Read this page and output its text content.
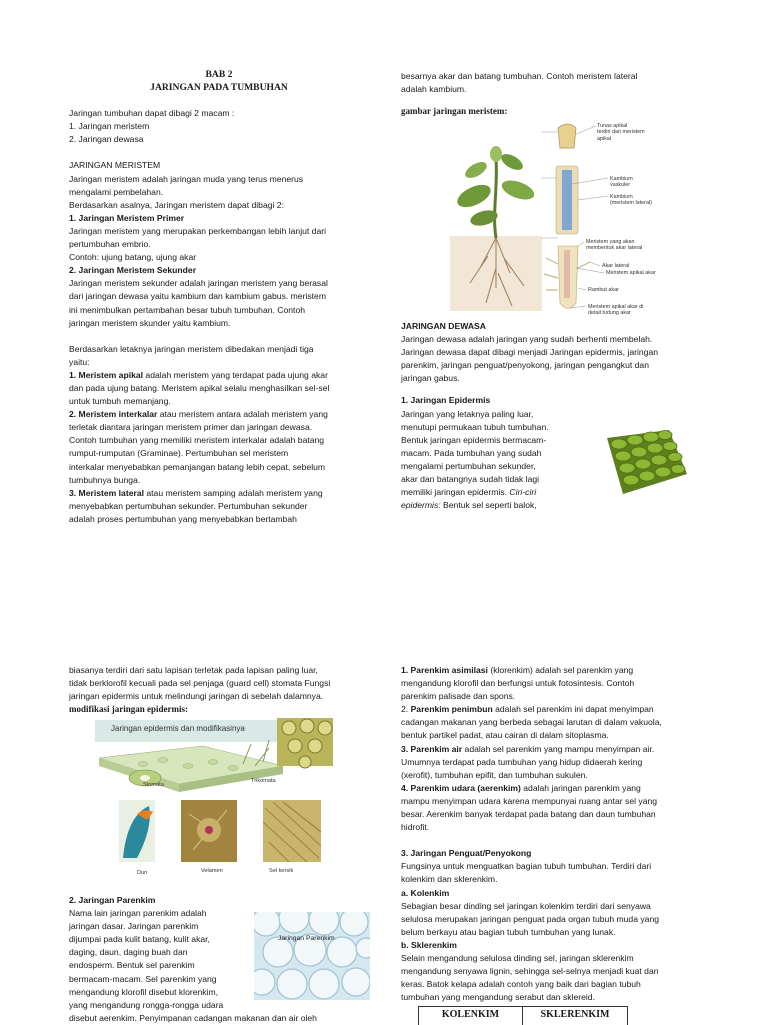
BAB 2

JARINGAN PADA TUMBUHAN

Jaringan tumbuhan dapat dibagi 2 macam :

1. Jaringan meristem

2. Jaringan dewasa

JARINGAN MERISTEM

Jaringan meristem adalah jaringan muda yang terus menerus

mengalami pembelahan.

Berdasarkan asalnya, Jaringan meristem dapat dibagi 2:

1. Jaringan Meristem Primer

Jaringan meristem yang merupakan perkembangan lebih lanjut dari

pertumbuhan embrio.

Contoh: ujung batang, ujung akar

2. Jaringan Meristem Sekunder

Jaringan meristem sekunder adalah jaringan meristem yang berasal

dari jaringan dewasa yaitu kambium dan kambium gabus. meristem

ini menimbulkan pertambahan besar tubuh tumbuhan. Contoh

jaringan meristem skunder yaitu kambium.

Berdasarkan letaknya jaringan meristem dibedakan menjadi tiga

yaitu:

1. Meristem apikal adalah meristem yang terdapat pada ujung akar

dan pada ujung batang. Meristem apikal selalu menghasilkan sel-sel

untuk tumbuh memanjang.

2. Meristem interkalar atau meristem antara adalah meristem yang

terletak diantara jaringan meristem primer dan jaringan dewasa.

Contoh tumbuhan yang memiliki meristem interkalar adalah batang

rumput-rumputan (Graminae). Pertumbuhan sel meristem

interkalar menyebabkan pemanjangan batang lebih cepat, sebelum

tumbuhnya bunga.

3. Meristem lateral atau meristem samping adalah meristem yang

menyebabkan pertumbuhan sekunder. Pertumbuhan sekunder

adalah proses pertumbuhan yang menyebabkan bertambah

besarnya akar dan batang tumbuhan. Contoh meristem lateral

adalah kambium.

gambar jaringan meristem:

Tunas apikal
terdiri dari meristem
apikal
Kambium
vaskuler
Kambium
(meristem lateral)
Meristem yang akan
membentuk akar lateral
Akar lateral
Meristem apikal akar
Rambut akar
Meristem apikal akar di
detail tudung akar

JARINGAN DEWASA

Jaringan dewasa adalah jaringan yang sudah berhenti membelah.

Jaringan dewasa dapat dibagi menjadi Jaringan epidermis, jaringan

parenkim, jaringan penguat/penyokong, jaringan pengangkut dan

jaringan gabus.

1. Jaringan Epidermis

Jaringan yang letaknya paling luar,

menutupi permukaan tubuh tumbuhan.

Bentuk jaringan epidermis bermacam-

macam. Pada tumbuhan yang sudah

mengalami pertumbuhan sekunder,

akar dan batangnya sudah tidak lagi

memiliki jaringan epidermis. Ciri-ciri

epidermis: Bentuk sel seperti balok,

biasanya terdiri dari satu lapisan terletak pada lapisan paling luar,

tidak berklorofil kecuali pada sel penjaga (guard cell) stomata Fungsi

jaringan epidermis untuk melindungi jaringan di sebelah dalamnya.

modifikasi jaringan epidermis:

Jaringan epidermis dan modifikasinya
Stomata
Trikomata
Duri	Velamen	Sel kersik

2. Jaringan Parenkim

Nama lain jaringan parenkim adalah

jaringan dasar. Jaringan parenkim

dijumpai pada kulit batang, kulit akar,

daging, daun, daging buah dan

endosperm. Bentuk sel parenkim

bermacam-macam. Sel parenkim yang

mengandung klorofil disebut klorenkim,

yang mengandung rongga-rongga udara

disebut aerenkim. Penyimpanan cadangan makanan dan air oleh

Jaringan Parenkim

1. Parenkim asimilasi (klorenkim) adalah sel parenkim yang

mengandung klorofil dan berfungsi untuk fotosintesis. Contoh

parenkim palisade dan spons.

2. Parenkim penimbun adalah sel parenkim ini dapat menyimpan

cadangan makanan yang berbeda sebagai larutan di dalam vakuola,

bentuk partikel padat, atau cairan di dalam sitoplasma.

3. Parenkim air adalah sel parenkim yang mampu menyimpan air.

Umumnya terdapat pada tumbuhan yang hidup didaerah kering

(xerofit), tumbuhan epifit, dan tumbuhan sukulen.

4. Parenkim udara (aerenkim) adalah jaringan parenkim yang

mampu menyimpan udara karena mempunyai ruang antar sel yang

besar. Aerenkim banyak terdapat pada batang dan daun tumbuhan

hidrofit.

3. Jaringan Penguat/Penyokong

Fungsinya untuk menguatkan bagian tubuh tumbuhan. Terdiri dari

kolenkim dan sklerenkim.

a. Kolenkim

Sebagian besar dinding sel jaringan kolenkim terdiri dari senyawa

selulosa merupakan jaringan penguat pada organ tubuh muda yang

belum berkayu atau bagian tubuh tumbuhan yang lunak.

b. Sklerenkim

Selain mengandung selulosa dinding sel, jaringan sklerenkim

mengandung senyawa lignin, sehingga sel-selnya menjadi kuat dan

keras. Batok kelapa adalah contoh yang baik dari bagian tubuh

tumbuhan yang mengandung serabut dan sklereid.

KOLENKIM	SKLERENKIM
